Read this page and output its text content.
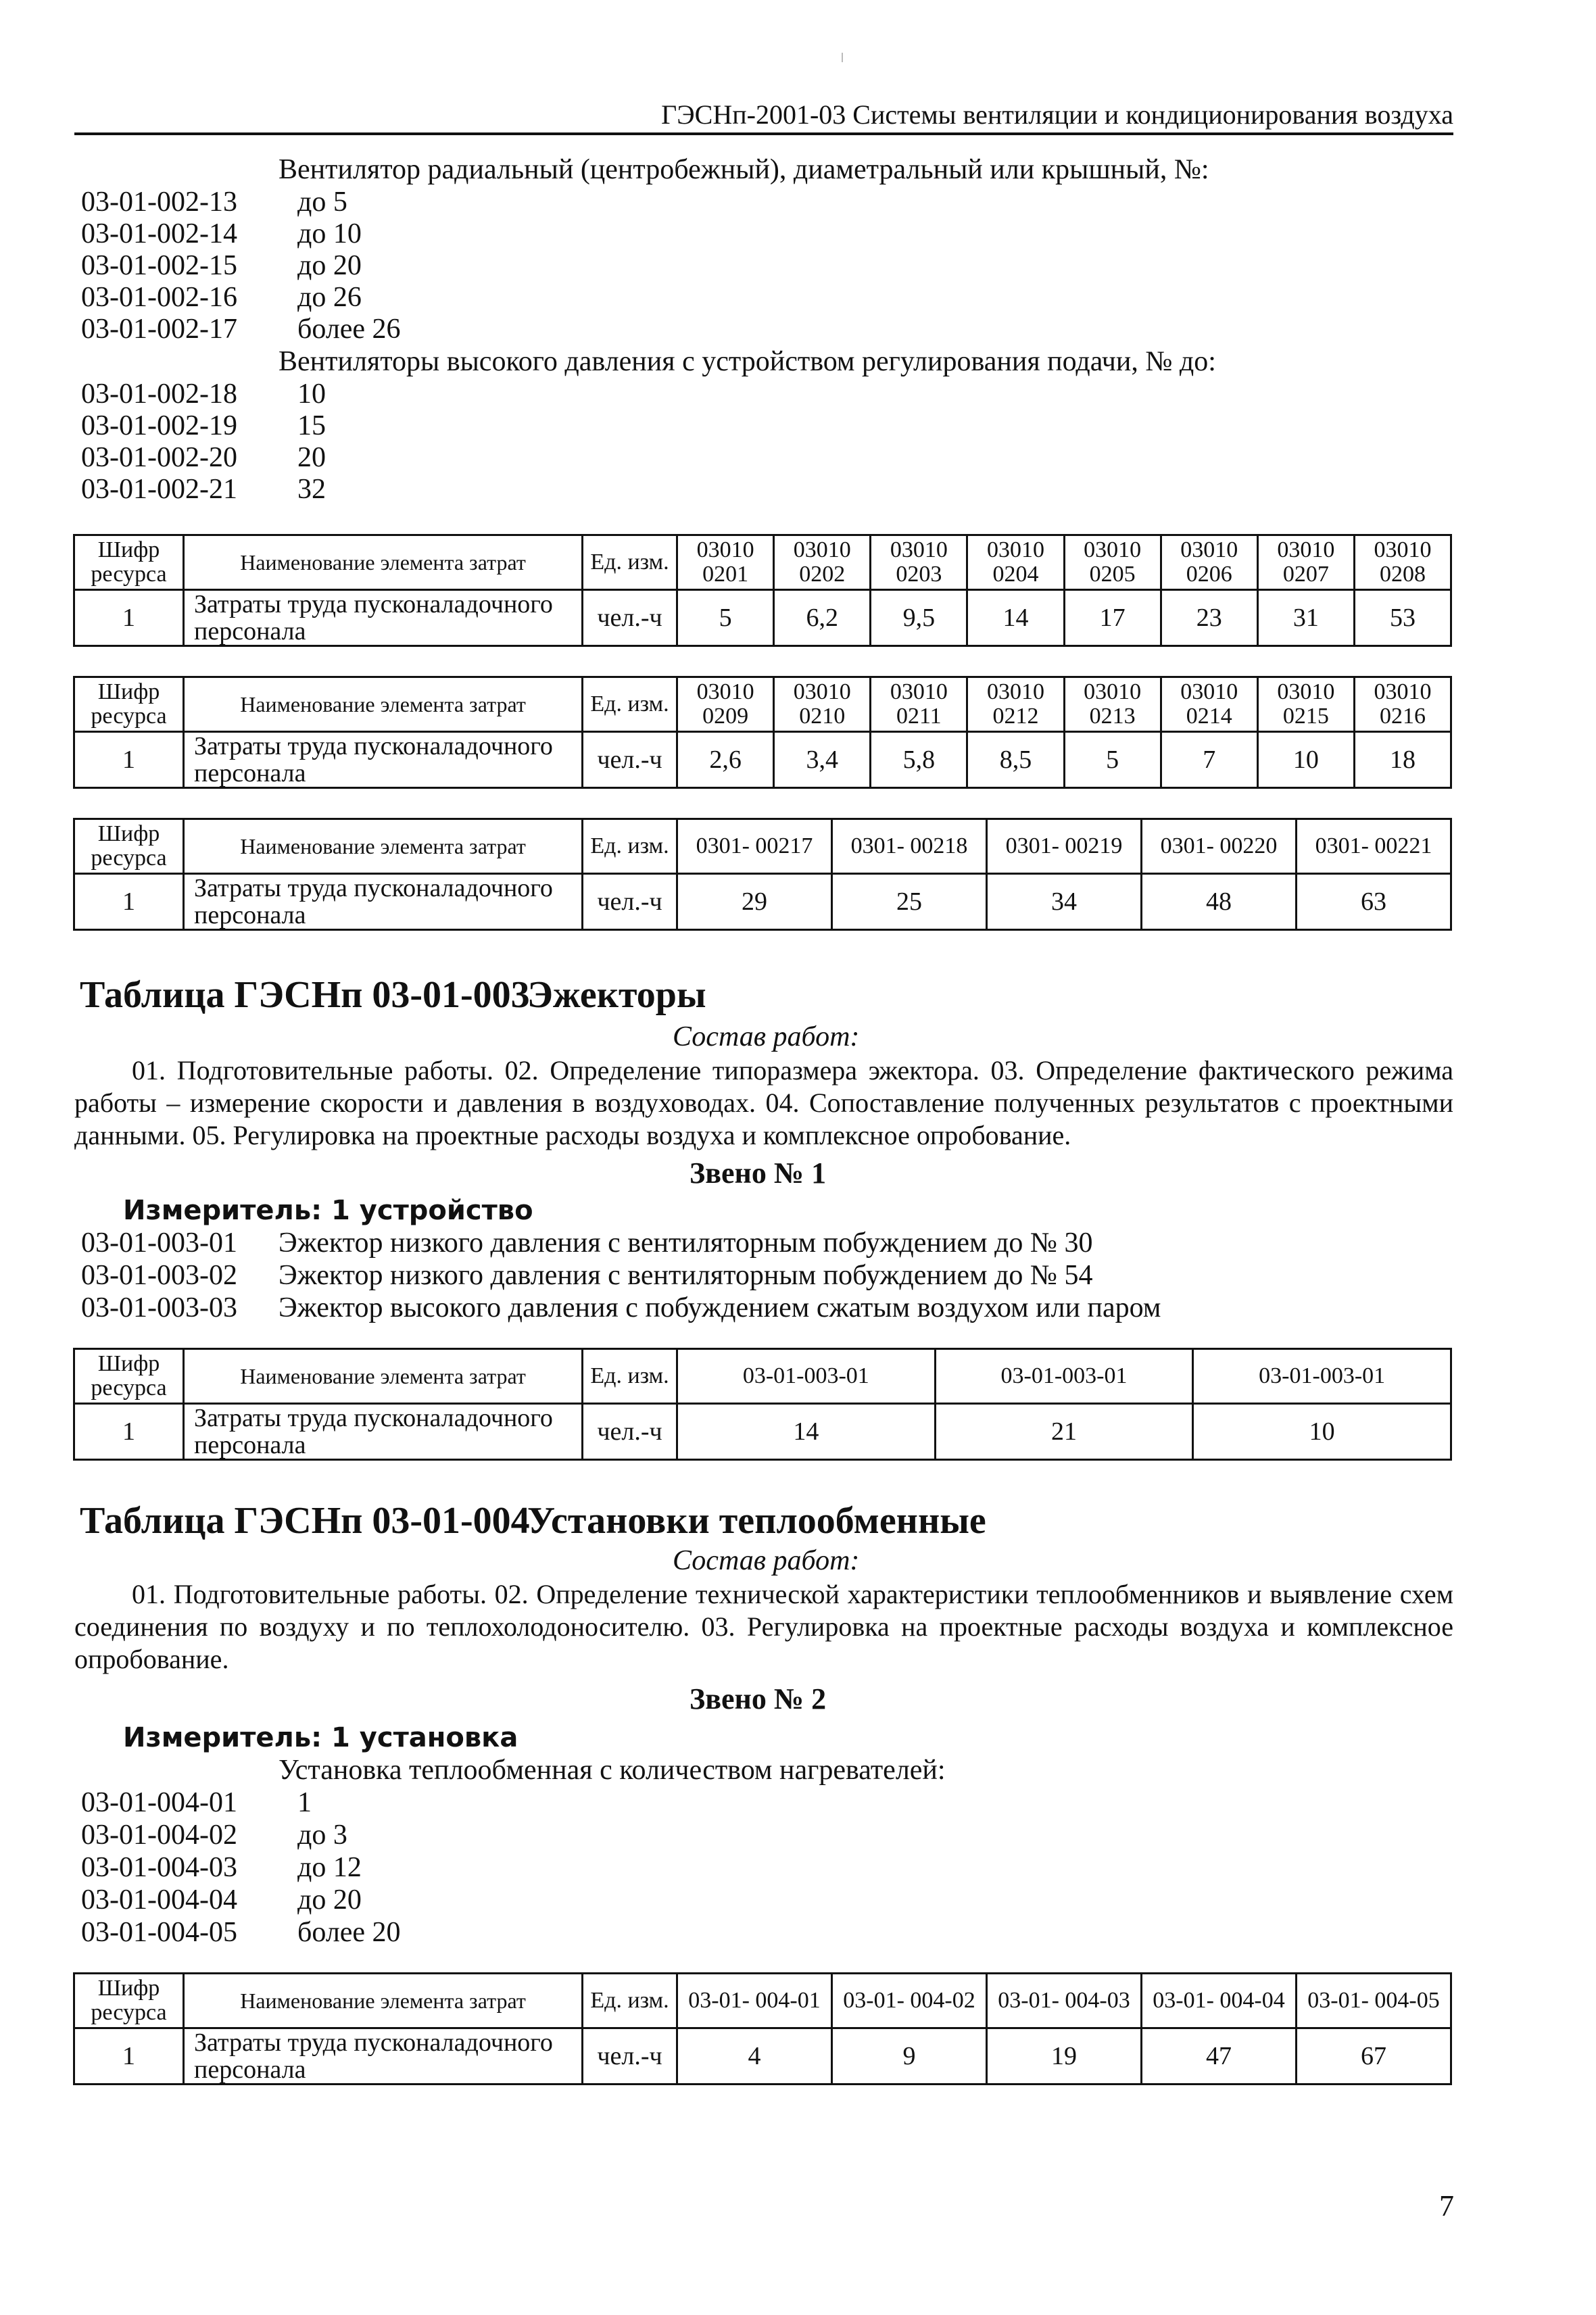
ГЭСНп-2001-03 Системы вентиляции и кондиционирования воздуха
Вентилятор радиальный (центробежный), диаметральный или крышный, №:
03-01-002-13 до 5
03-01-002-14 до 10
03-01-002-15 до 20
03-01-002-16 до 26
03-01-002-17 более 26
Вентиляторы высокого давления с устройством регулирования подачи, № до:
03-01-002-18 10
03-01-002-19 15
03-01-002-20 20
03-01-002-21 32
Шифр ресурса	Наименование элемента затрат	Ед. изм.	03010 0201	03010 0202	03010 0203	03010 0204	03010 0205	03010 0206	03010 0207	03010 0208
1	Затраты труда пусконаладочного персонала	чел.-ч	5	6,2	9,5	14	17	23	31	53
Шифр ресурса	Наименование элемента затрат	Ед. изм.	03010 0209	03010 0210	03010 0211	03010 0212	03010 0213	03010 0214	03010 0215	03010 0216
1	Затраты труда пусконаладочного персонала	чел.-ч	2,6	3,4	5,8	8,5	5	7	10	18
Шифр ресурса	Наименование элемента затрат	Ед. изм.	0301- 00217	0301- 00218	0301- 00219	0301- 00220	0301- 00221
1	Затраты труда пусконаладочного персонала	чел.-ч	29	25	34	48	63
Таблица ГЭСНп 03-01-003
Эжекторы
Состав работ:
01. Подготовительные работы. 02. Определение типоразмера эжектора. 03. Определение фактического режима работы – измерение скорости и давления в воздуховодах. 04. Сопоставление полученных результатов с проектными данными. 05. Регулировка на проектные расходы воздуха и комплексное опробование.
Звено № 1
Измеритель: 1 устройство
03-01-003-01 Эжектор низкого давления с вентиляторным побуждением до № 30
03-01-003-02 Эжектор низкого давления с вентиляторным побуждением до № 54
03-01-003-03 Эжектор высокого давления с побуждением сжатым воздухом или паром
Шифр ресурса	Наименование элемента затрат	Ед. изм.	03-01-003-01	03-01-003-01	03-01-003-01
1	Затраты труда пусконаладочного персонала	чел.-ч	14	21	10
Таблица ГЭСНп 03-01-004
Установки теплообменные
Состав работ:
01. Подготовительные работы. 02. Определение технической характеристики теплообменников и выявление схем соединения по воздуху и по теплохолодоносителю. 03. Регулировка на проектные расходы воздуха и комплексное опробование.
Звено № 2
Измеритель: 1 установка
Установка теплообменная с количеством нагревателей:
03-01-004-01 1
03-01-004-02 до 3
03-01-004-03 до 12
03-01-004-04 до 20
03-01-004-05 более 20
Шифр ресурса	Наименование элемента затрат	Ед. изм.	03-01- 004-01	03-01- 004-02	03-01- 004-03	03-01- 004-04	03-01- 004-05
1	Затраты труда пусконаладочного персонала	чел.-ч	4	9	19	47	67
7
